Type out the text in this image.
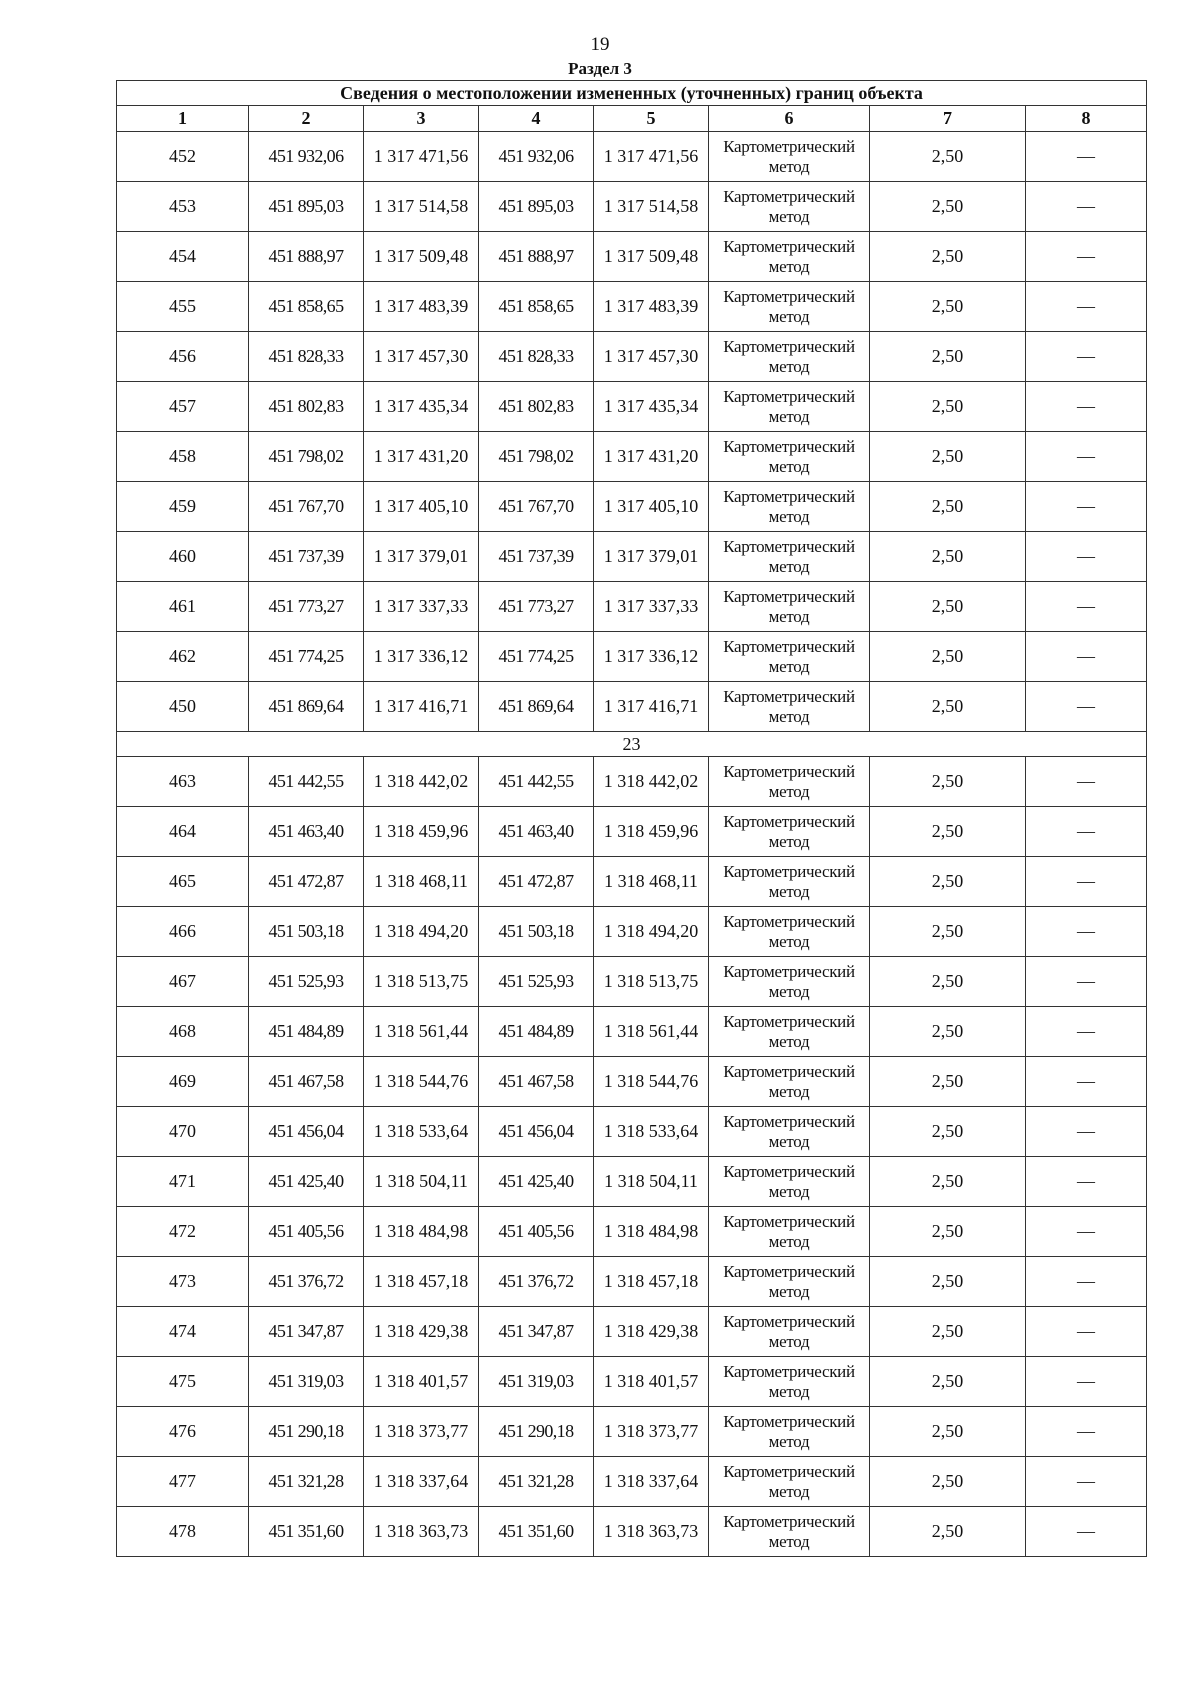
19
Раздел 3
Сведения о местоположении измененных (уточненных) границ объекта							
1	2	3	4	5	6	7	8
452	451 932,06	1 317 471,56	451 932,06	1 317 471,56	Картометрический метод	2,50	—
453	451 895,03	1 317 514,58	451 895,03	1 317 514,58	Картометрический метод	2,50	—
454	451 888,97	1 317 509,48	451 888,97	1 317 509,48	Картометрический метод	2,50	—
455	451 858,65	1 317 483,39	451 858,65	1 317 483,39	Картометрический метод	2,50	—
456	451 828,33	1 317 457,30	451 828,33	1 317 457,30	Картометрический метод	2,50	—
457	451 802,83	1 317 435,34	451 802,83	1 317 435,34	Картометрический метод	2,50	—
458	451 798,02	1 317 431,20	451 798,02	1 317 431,20	Картометрический метод	2,50	—
459	451 767,70	1 317 405,10	451 767,70	1 317 405,10	Картометрический метод	2,50	—
460	451 737,39	1 317 379,01	451 737,39	1 317 379,01	Картометрический метод	2,50	—
461	451 773,27	1 317 337,33	451 773,27	1 317 337,33	Картометрический метод	2,50	—
462	451 774,25	1 317 336,12	451 774,25	1 317 336,12	Картометрический метод	2,50	—
450	451 869,64	1 317 416,71	451 869,64	1 317 416,71	Картометрический метод	2,50	—
23							
463	451 442,55	1 318 442,02	451 442,55	1 318 442,02	Картометрический метод	2,50	—
464	451 463,40	1 318 459,96	451 463,40	1 318 459,96	Картометрический метод	2,50	—
465	451 472,87	1 318 468,11	451 472,87	1 318 468,11	Картометрический метод	2,50	—
466	451 503,18	1 318 494,20	451 503,18	1 318 494,20	Картометрический метод	2,50	—
467	451 525,93	1 318 513,75	451 525,93	1 318 513,75	Картометрический метод	2,50	—
468	451 484,89	1 318 561,44	451 484,89	1 318 561,44	Картометрический метод	2,50	—
469	451 467,58	1 318 544,76	451 467,58	1 318 544,76	Картометрический метод	2,50	—
470	451 456,04	1 318 533,64	451 456,04	1 318 533,64	Картометрический метод	2,50	—
471	451 425,40	1 318 504,11	451 425,40	1 318 504,11	Картометрический метод	2,50	—
472	451 405,56	1 318 484,98	451 405,56	1 318 484,98	Картометрический метод	2,50	—
473	451 376,72	1 318 457,18	451 376,72	1 318 457,18	Картометрический метод	2,50	—
474	451 347,87	1 318 429,38	451 347,87	1 318 429,38	Картометрический метод	2,50	—
475	451 319,03	1 318 401,57	451 319,03	1 318 401,57	Картометрический метод	2,50	—
476	451 290,18	1 318 373,77	451 290,18	1 318 373,77	Картометрический метод	2,50	—
477	451 321,28	1 318 337,64	451 321,28	1 318 337,64	Картометрический метод	2,50	—
478	451 351,60	1 318 363,73	451 351,60	1 318 363,73	Картометрический метод	2,50	—
